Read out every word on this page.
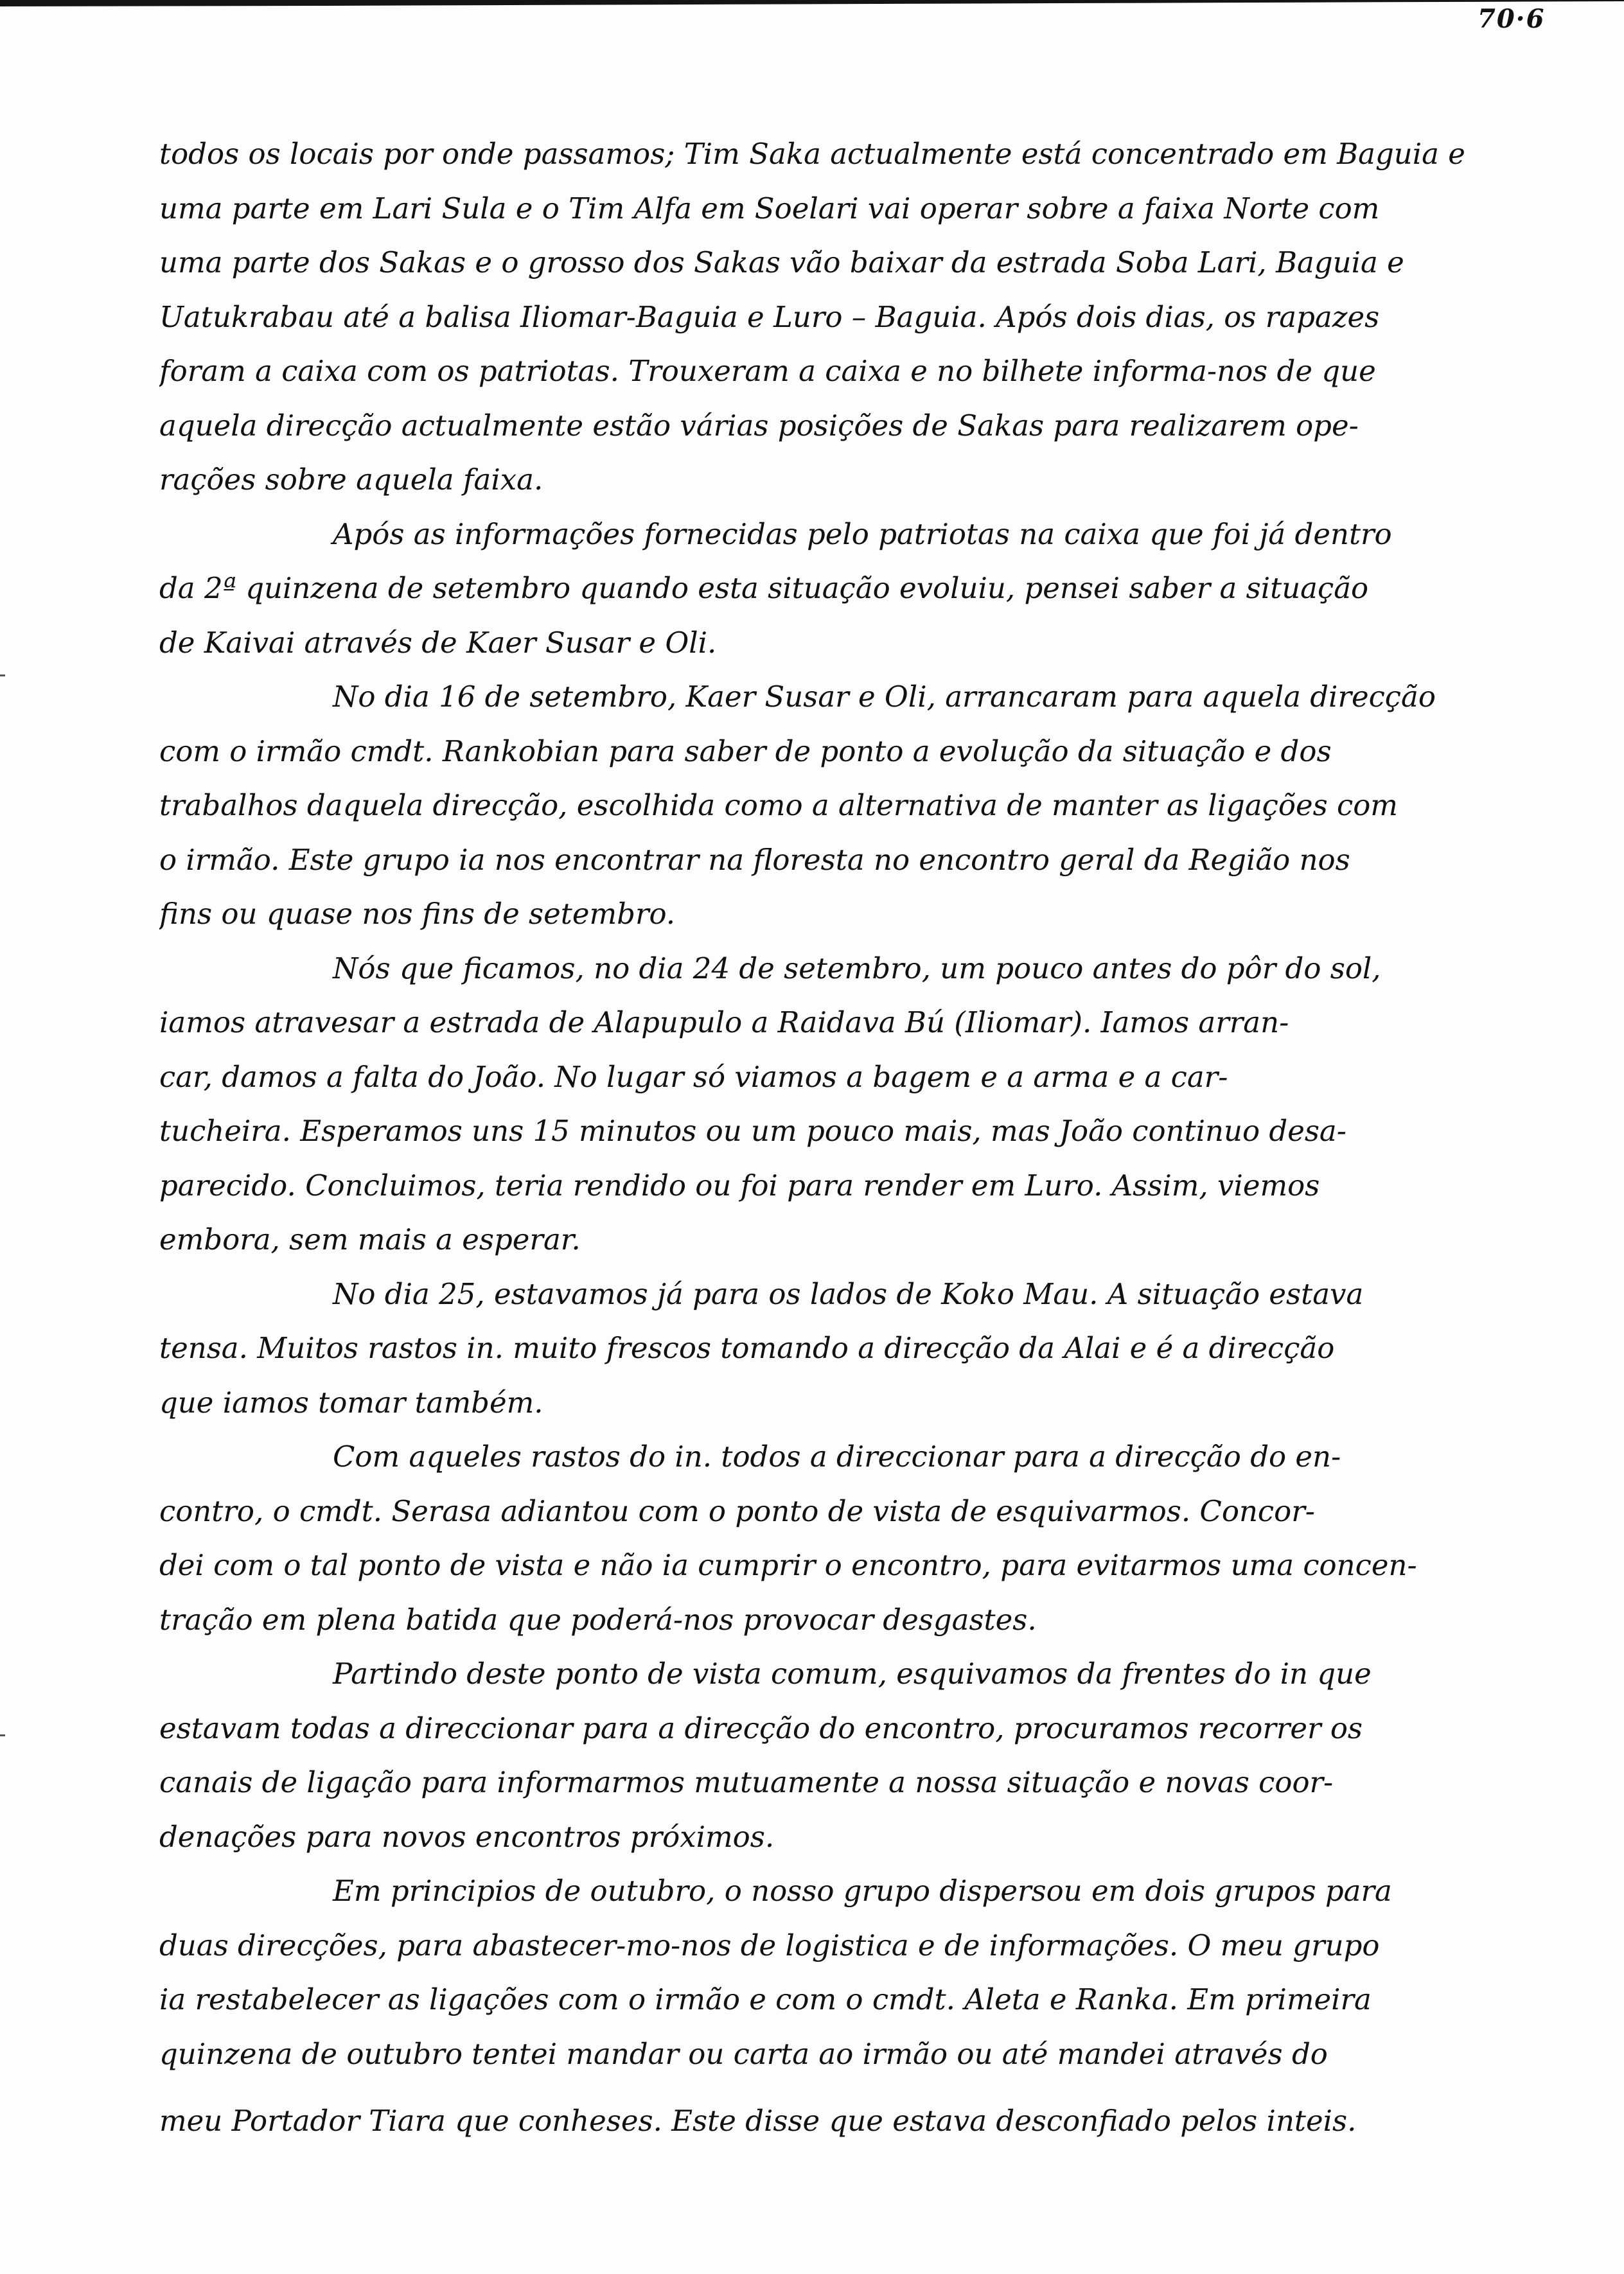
70·6
todos os locais por onde passamos; Tim Saka actualmente está concentrado em Baguia e
uma parte em Lari Sula e o Tim Alfa em Soelari vai operar sobre a faixa Norte com
uma parte dos Sakas e o grosso dos Sakas vão baixar da estrada Soba Lari, Baguia e
Uatukrabau até a balisa Iliomar-Baguia e Luro – Baguia. Após dois dias, os rapazes
foram a caixa com os patriotas. Trouxeram a caixa e no bilhete informa-nos de que
aquela direcção actualmente estão várias posições de Sakas para realizarem ope-
rações sobre aquela faixa.
Após as informações fornecidas pelo patriotas na caixa que foi já dentro
da 2ª quinzena de setembro quando esta situação evoluiu, pensei saber a situação
de Kaivai através de Kaer Susar e Oli.
No dia 16 de setembro, Kaer Susar e Oli, arrancaram para aquela direcção
com o irmão cmdt. Rankobian para saber de ponto a evolução da situação e dos
trabalhos daquela direcção, escolhida como a alternativa de manter as ligações com
o irmão. Este grupo ia nos encontrar na floresta no encontro geral da Região nos
fins ou quase nos fins de setembro.
Nós que ficamos, no dia 24 de setembro, um pouco antes do pôr do sol,
iamos atravesar a estrada de Alapupulo a Raidava Bú (Iliomar). Iamos arran-
car, damos a falta do João. No lugar só viamos a bagem e a arma e a car-
tucheira. Esperamos uns 15 minutos ou um pouco mais, mas João continuo desa-
parecido. Concluimos, teria rendido ou foi para render em Luro. Assim, viemos
embora, sem mais a esperar.
No dia 25, estavamos já para os lados de Koko Mau. A situação estava
tensa. Muitos rastos in. muito frescos tomando a direcção da Alai e é a direcção
que iamos tomar também.
Com aqueles rastos do in. todos a direccionar para a direcção do en-
contro, o cmdt. Serasa adiantou com o ponto de vista de esquivarmos. Concor-
dei com o tal ponto de vista e não ia cumprir o encontro, para evitarmos uma concen-
tração em plena batida que poderá-nos provocar desgastes.
Partindo deste ponto de vista comum, esquivamos da frentes do in que
estavam todas a direccionar para a direcção do encontro, procuramos recorrer os
canais de ligação para informarmos mutuamente a nossa situação e novas coor-
denações para novos encontros próximos.
Em principios de outubro, o nosso grupo dispersou em dois grupos para
duas direcções, para abastecer-mo-nos de logistica e de informações. O meu grupo
ia restabelecer as ligações com o irmão e com o cmdt. Aleta e Ranka. Em primeira
quinzena de outubro tentei mandar ou carta ao irmão ou até mandei através do
meu Portador Tiara que conheses. Este disse que estava desconfiado pelos inteis.
